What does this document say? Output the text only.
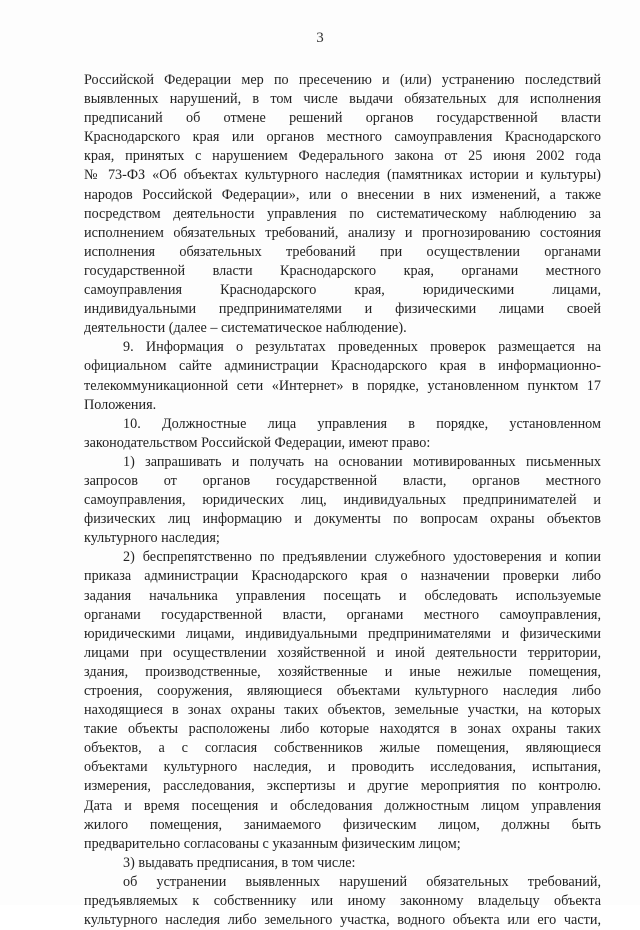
3
Российской Федерации мер по пресечению и (или) устранению последствий
выявленных нарушений, в том числе выдачи обязательных для исполнения
предписаний об отмене решений органов государственной власти
Краснодарского края или органов местного самоуправления Краснодарского
края, принятых с нарушением Федерального закона от 25 июня 2002 года
№ 73-ФЗ «Об объектах культурного наследия (памятниках истории и культуры)
народов Российской Федерации», или о внесении в них изменений, а также
посредством деятельности управления по систематическому наблюдению за
исполнением обязательных требований, анализу и прогнозированию состояния
исполнения обязательных требований при осуществлении органами
государственной власти Краснодарского края, органами местного
самоуправления Краснодарского края, юридическими лицами,
индивидуальными предпринимателями и физическими лицами своей
деятельности (далее – систематическое наблюдение).
9. Информация о результатах проведенных проверок размещается на
официальном сайте администрации Краснодарского края в информационно-
телекоммуникационной сети «Интернет» в порядке, установленном пунктом 17
Положения.
10. Должностные лица управления в порядке, установленном
законодательством Российской Федерации, имеют право:
1) запрашивать и получать на основании мотивированных письменных
запросов от органов государственной власти, органов местного
самоуправления, юридических лиц, индивидуальных предпринимателей и
физических лиц информацию и документы по вопросам охраны объектов
культурного наследия;
2) беспрепятственно по предъявлении служебного удостоверения и копии
приказа администрации Краснодарского края о назначении проверки либо
задания начальника управления посещать и обследовать используемые
органами государственной власти, органами местного самоуправления,
юридическими лицами, индивидуальными предпринимателями и физическими
лицами при осуществлении хозяйственной и иной деятельности территории,
здания, производственные, хозяйственные и иные нежилые помещения,
строения, сооружения, являющиеся объектами культурного наследия либо
находящиеся в зонах охраны таких объектов, земельные участки, на которых
такие объекты расположены либо которые находятся в зонах охраны таких
объектов, а с согласия собственников жилые помещения, являющиеся
объектами культурного наследия, и проводить исследования, испытания,
измерения, расследования, экспертизы и другие мероприятия по контролю.
Дата и время посещения и обследования должностным лицом управления
жилого помещения, занимаемого физическим лицом, должны быть
предварительно согласованы с указанным физическим лицом;
3) выдавать предписания, в том числе:
об устранении выявленных нарушений обязательных требований,
предъявляемых к собственнику или иному законному владельцу объекта
культурного наследия либо земельного участка, водного объекта или его части,
